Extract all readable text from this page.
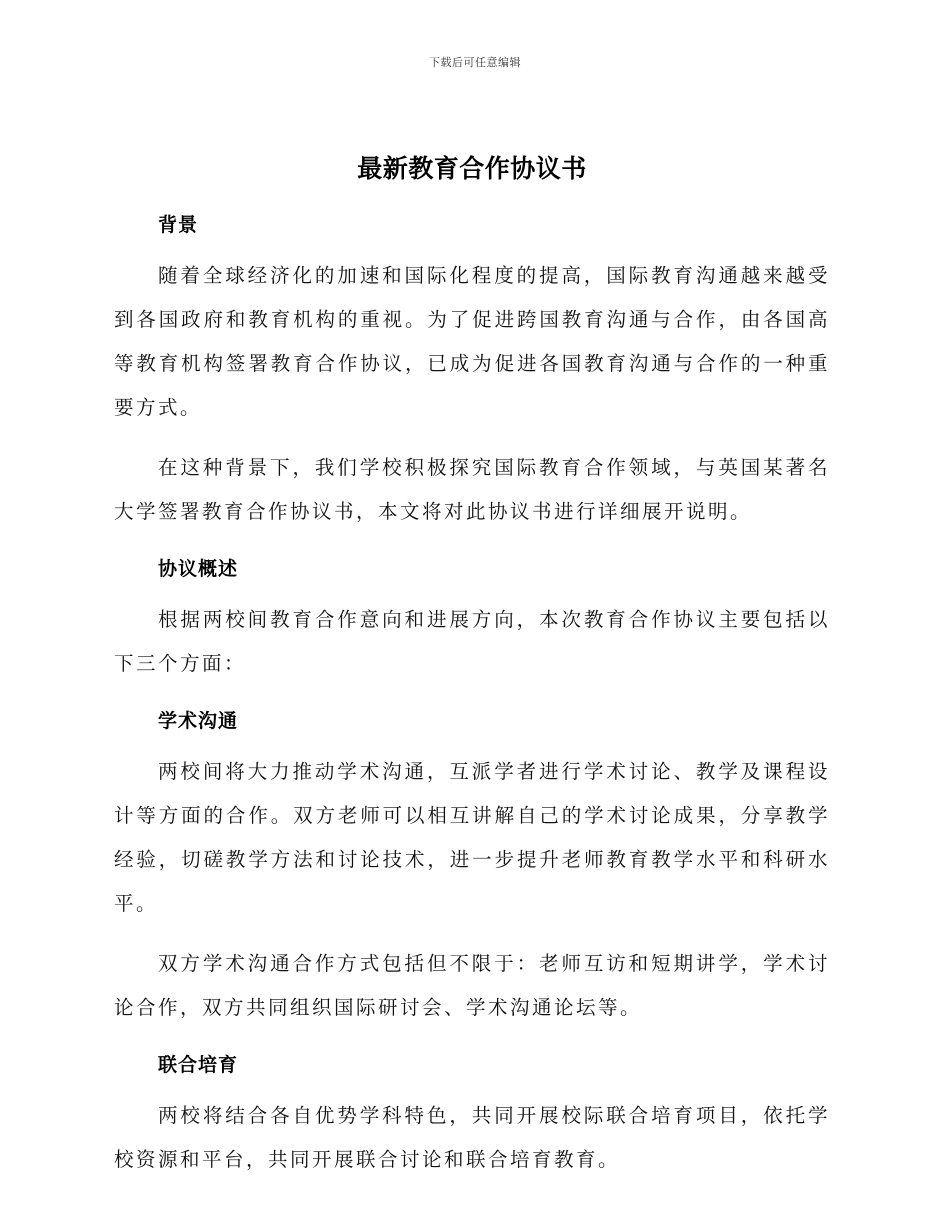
下载后可任意编辑
最新教育合作协议书
背景

随着全球经济化的加速和国际化程度的提高，国际教育沟通越来越受到各国政府和教育机构的重视。为了促进跨国教育沟通与合作，由各国高等教育机构签署教育合作协议，已成为促进各国教育沟通与合作的一种重要方式。

在这种背景下，我们学校积极探究国际教育合作领域，与英国某著名大学签署教育合作协议书，本文将对此协议书进行详细展开说明。

协议概述

根据两校间教育合作意向和进展方向，本次教育合作协议主要包括以下三个方面：

学术沟通

两校间将大力推动学术沟通，互派学者进行学术讨论、教学及课程设计等方面的合作。双方老师可以相互讲解自己的学术讨论成果，分享教学经验，切磋教学方法和讨论技术，进一步提升老师教育教学水平和科研水平。

双方学术沟通合作方式包括但不限于：老师互访和短期讲学，学术讨论合作，双方共同组织国际研讨会、学术沟通论坛等。

联合培育

两校将结合各自优势学科特色，共同开展校际联合培育项目，依托学校资源和平台，共同开展联合讨论和联合培育教育。
